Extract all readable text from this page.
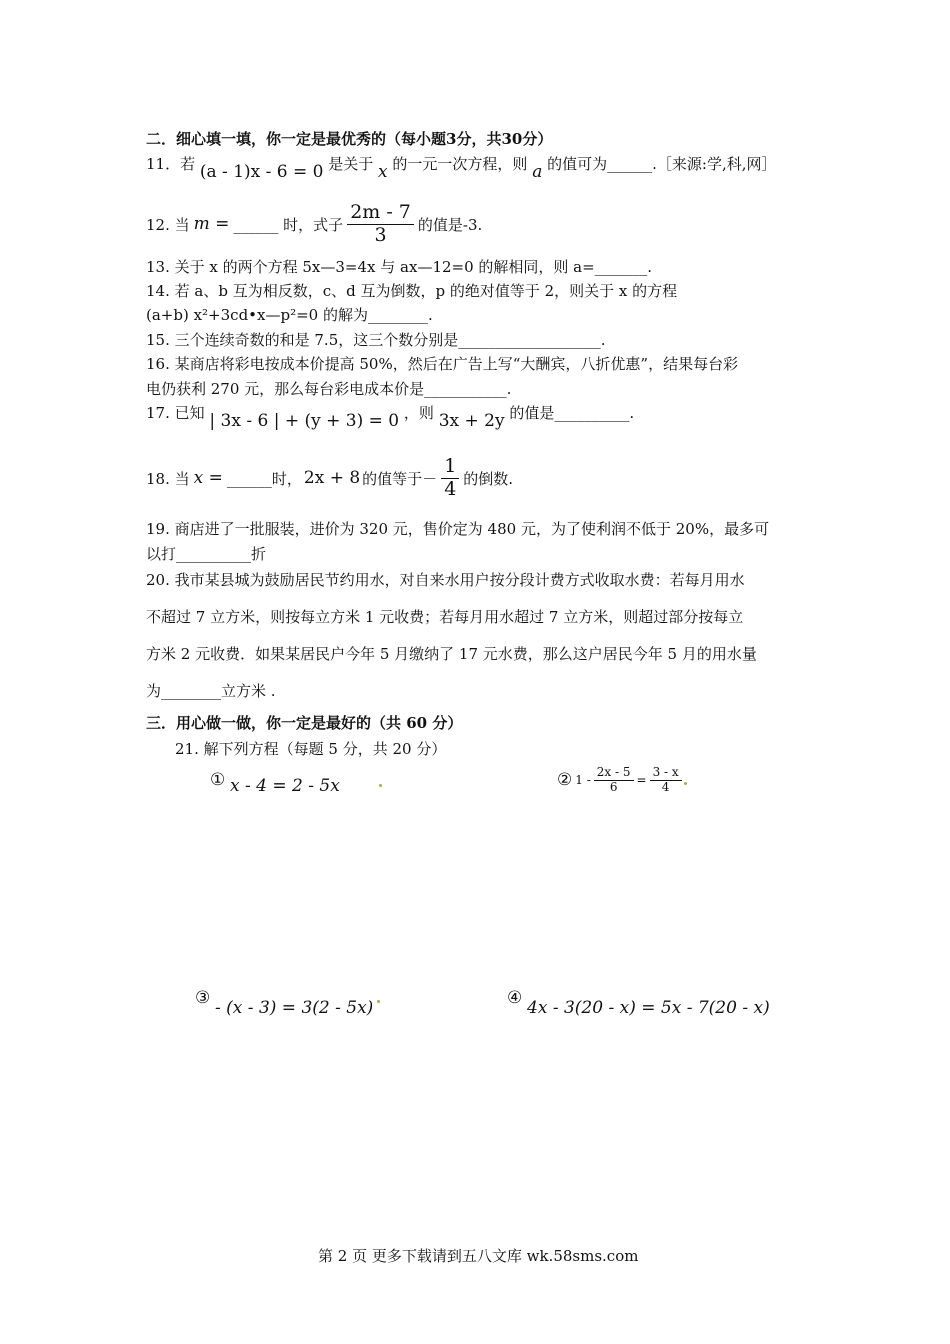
二．细心填一填，你一定是最优秀的（每小题3分，共30分）
11．若 (a - 1)x - 6 = 0 是关于 x 的一元一次方程，则 a 的值可为______.［来源:学,科,网］
12. 当 m = ______ 时，式子 $\frac{2m - 7}{3}$ 的值是-3.
13. 关于 x 的两个方程 5x—3=4x 与 ax—12=0 的解相同，则 a=_______.
14. 若 a、b 互为相反数，c、d 互为倒数，p 的绝对值等于 2，则关于 x 的方程
(a+b) x²+3cd•x—p²=0 的解为________.
15. 三个连续奇数的和是 7.5，这三个数分别是___________________.
16. 某商店将彩电按成本价提高 50%，然后在广告上写“大酬宾，八折优惠”，结果每台彩
电仍获利 270 元，那么每台彩电成本价是___________.
17. 已知 | 3x - 6 | + (y + 3) = 0 ，则 3x + 2y 的值是__________.
18. 当 x = ______时， 2x + 8 的值等于－ $\frac{1}{4}$ 的倒数.
19. 商店进了一批服装，进价为 320 元，售价定为 480 元，为了使利润不低于 20%，最多可
以打__________折
20. 我市某县城为鼓励居民节约用水，对自来水用户按分段计费方式收取水费：若每月用水
不超过 7 立方米，则按每立方米 1 元收费；若每月用水超过 7 立方米，则超过部分按每立
方米 2 元收费．如果某居民户今年 5 月缴纳了 17 元水费，那么这户居民今年 5 月的用水量
为________立方米 .
三．用心做一做，你一定是最好的（共 60 分）
21. 解下列方程（每题 5 分，共 20 分）
① x - 4 = 2 - 5x	② $1 - \frac{2x - 5}{6} = \frac{3 - x}{4}$
③ - (x - 3) = 3(2 - 5x)	④ 4x - 3(20 - x) = 5x - 7(20 - x)
第 2 页 更多下载请到五八文库 wk.58sms.com
